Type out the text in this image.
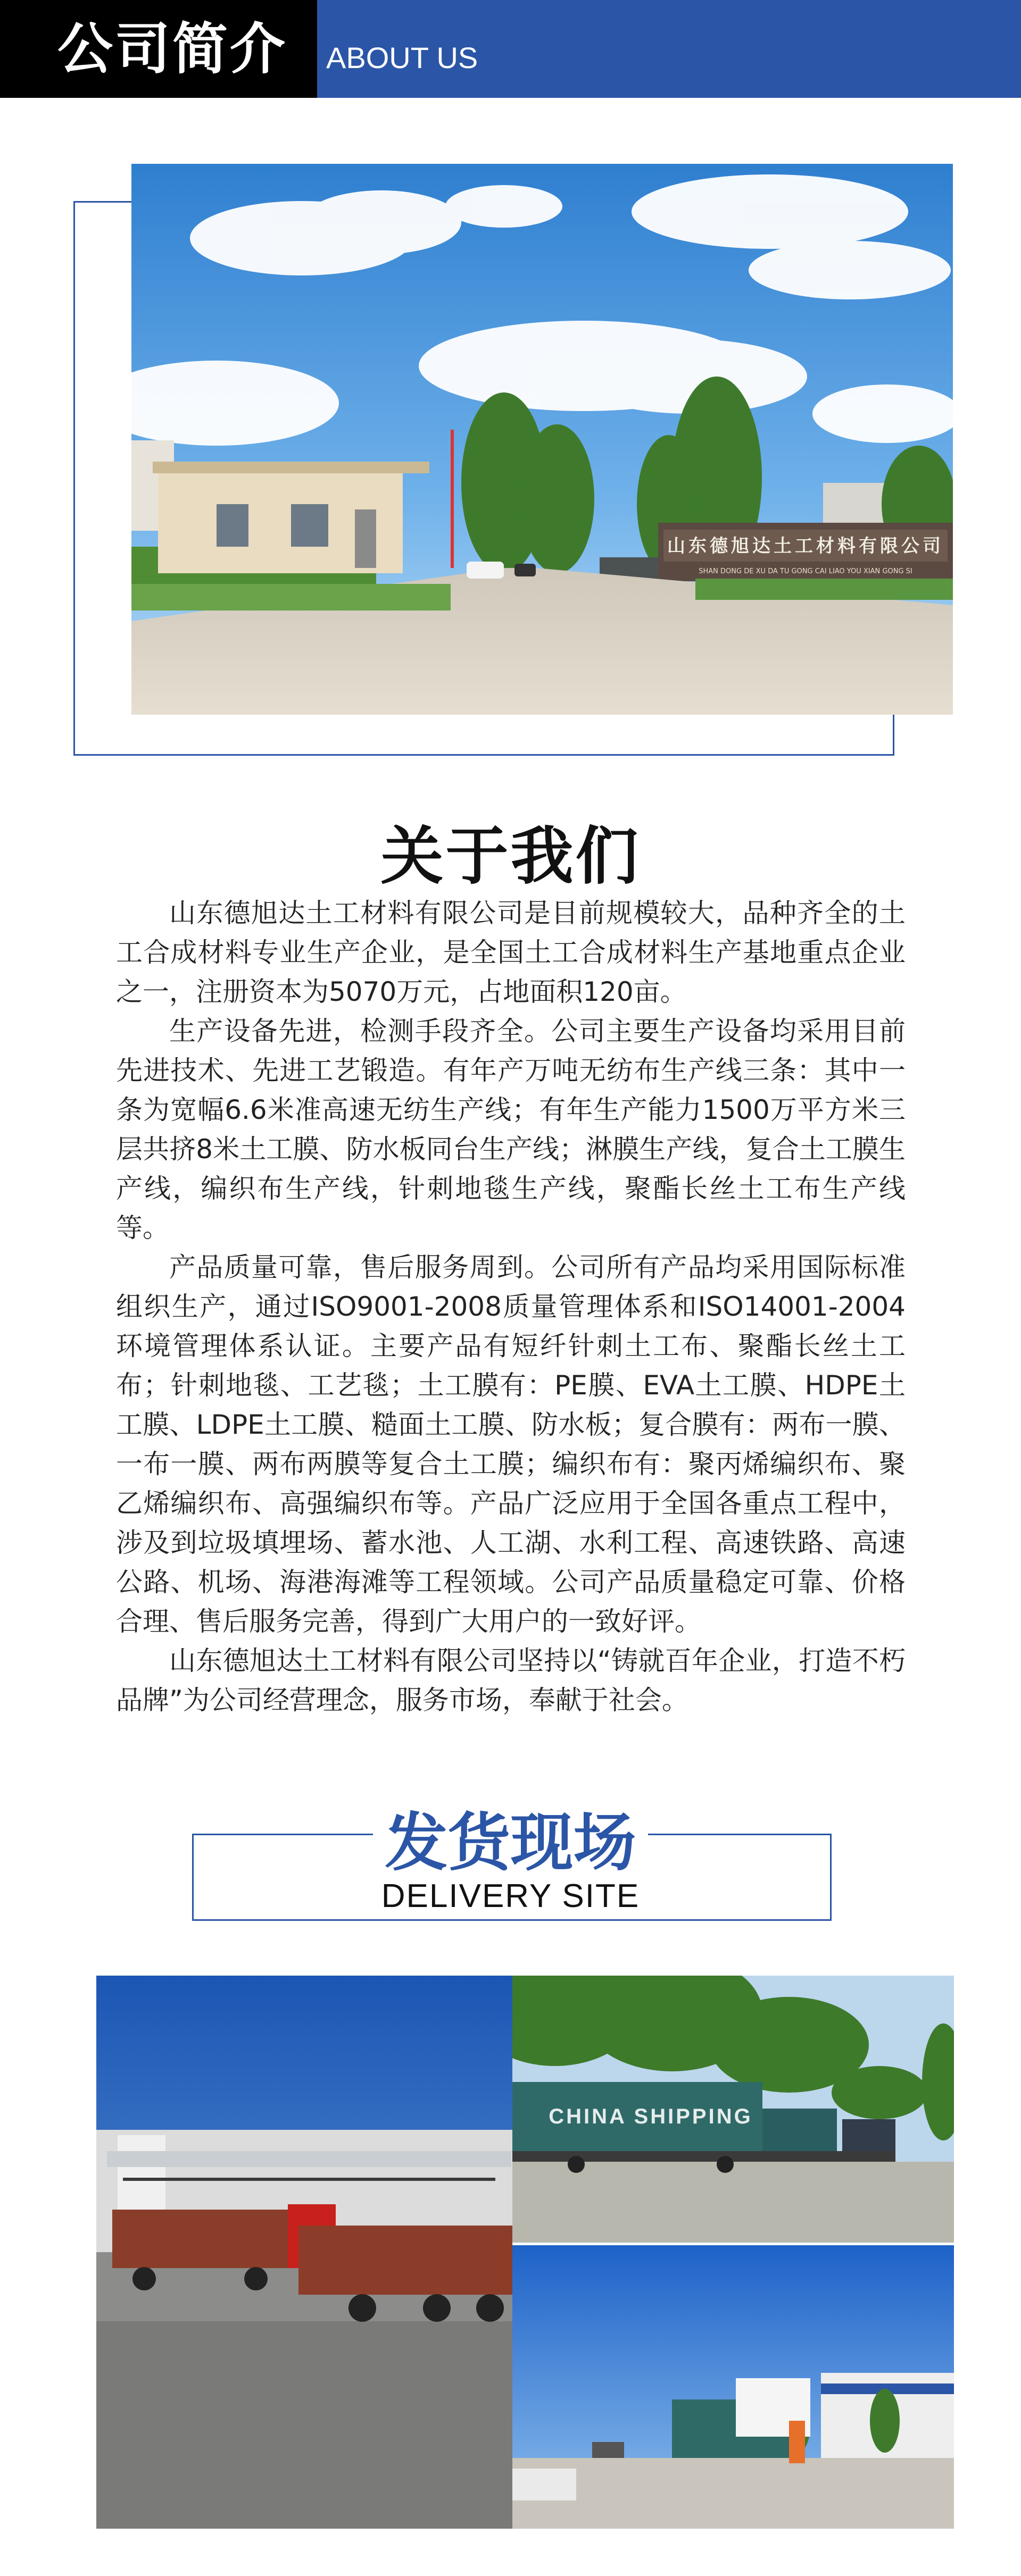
公司简介 ABOUT US
山东德旭达土工材料有限公司
SHAN DONG DE XU DA TU GONG CAI LIAO YOU XIAN GONG SI
关于我们

山东德旭达土工材料有限公司是目前规模较大，品种齐全的土工合成材料专业生产企业，是全国土工合成材料生产基地重点企业之一，注册资本为5070万元，占地面积120亩。

生产设备先进，检测手段齐全。公司主要生产设备均采用目前先进技术、先进工艺锻造。有年产万吨无纺布生产线三条：其中一条为宽幅6.6米准高速无纺生产线；有年生产能力1500万平方米三层共挤8米土工膜、防水板同台生产线；淋膜生产线，复合土工膜生产线，编织布生产线，针刺地毯生产线，聚酯长丝土工布生产线等。

产品质量可靠，售后服务周到。公司所有产品均采用国际标准组织生产，通过ISO9001-2008质量管理体系和ISO14001-2004环境管理体系认证。主要产品有短纤针刺土工布、聚酯长丝土工布；针刺地毯、工艺毯；土工膜有：PE膜、EVA土工膜、HDPE土工膜、LDPE土工膜、糙面土工膜、防水板；复合膜有：两布一膜、一布一膜、两布两膜等复合土工膜；编织布有：聚丙烯编织布、聚乙烯编织布、高强编织布等。产品广泛应用于全国各重点工程中，涉及到垃圾填埋场、蓄水池、人工湖、水利工程、高速铁路、高速公路、机场、海港海滩等工程领域。公司产品质量稳定可靠、价格合理、售后服务完善，得到广大用户的一致好评。

山东德旭达土工材料有限公司坚持以“铸就百年企业，打造不朽品牌”为公司经营理念，服务市场，奉献于社会。

发货现场
DELIVERY SITE
CHINA SHIPPING
